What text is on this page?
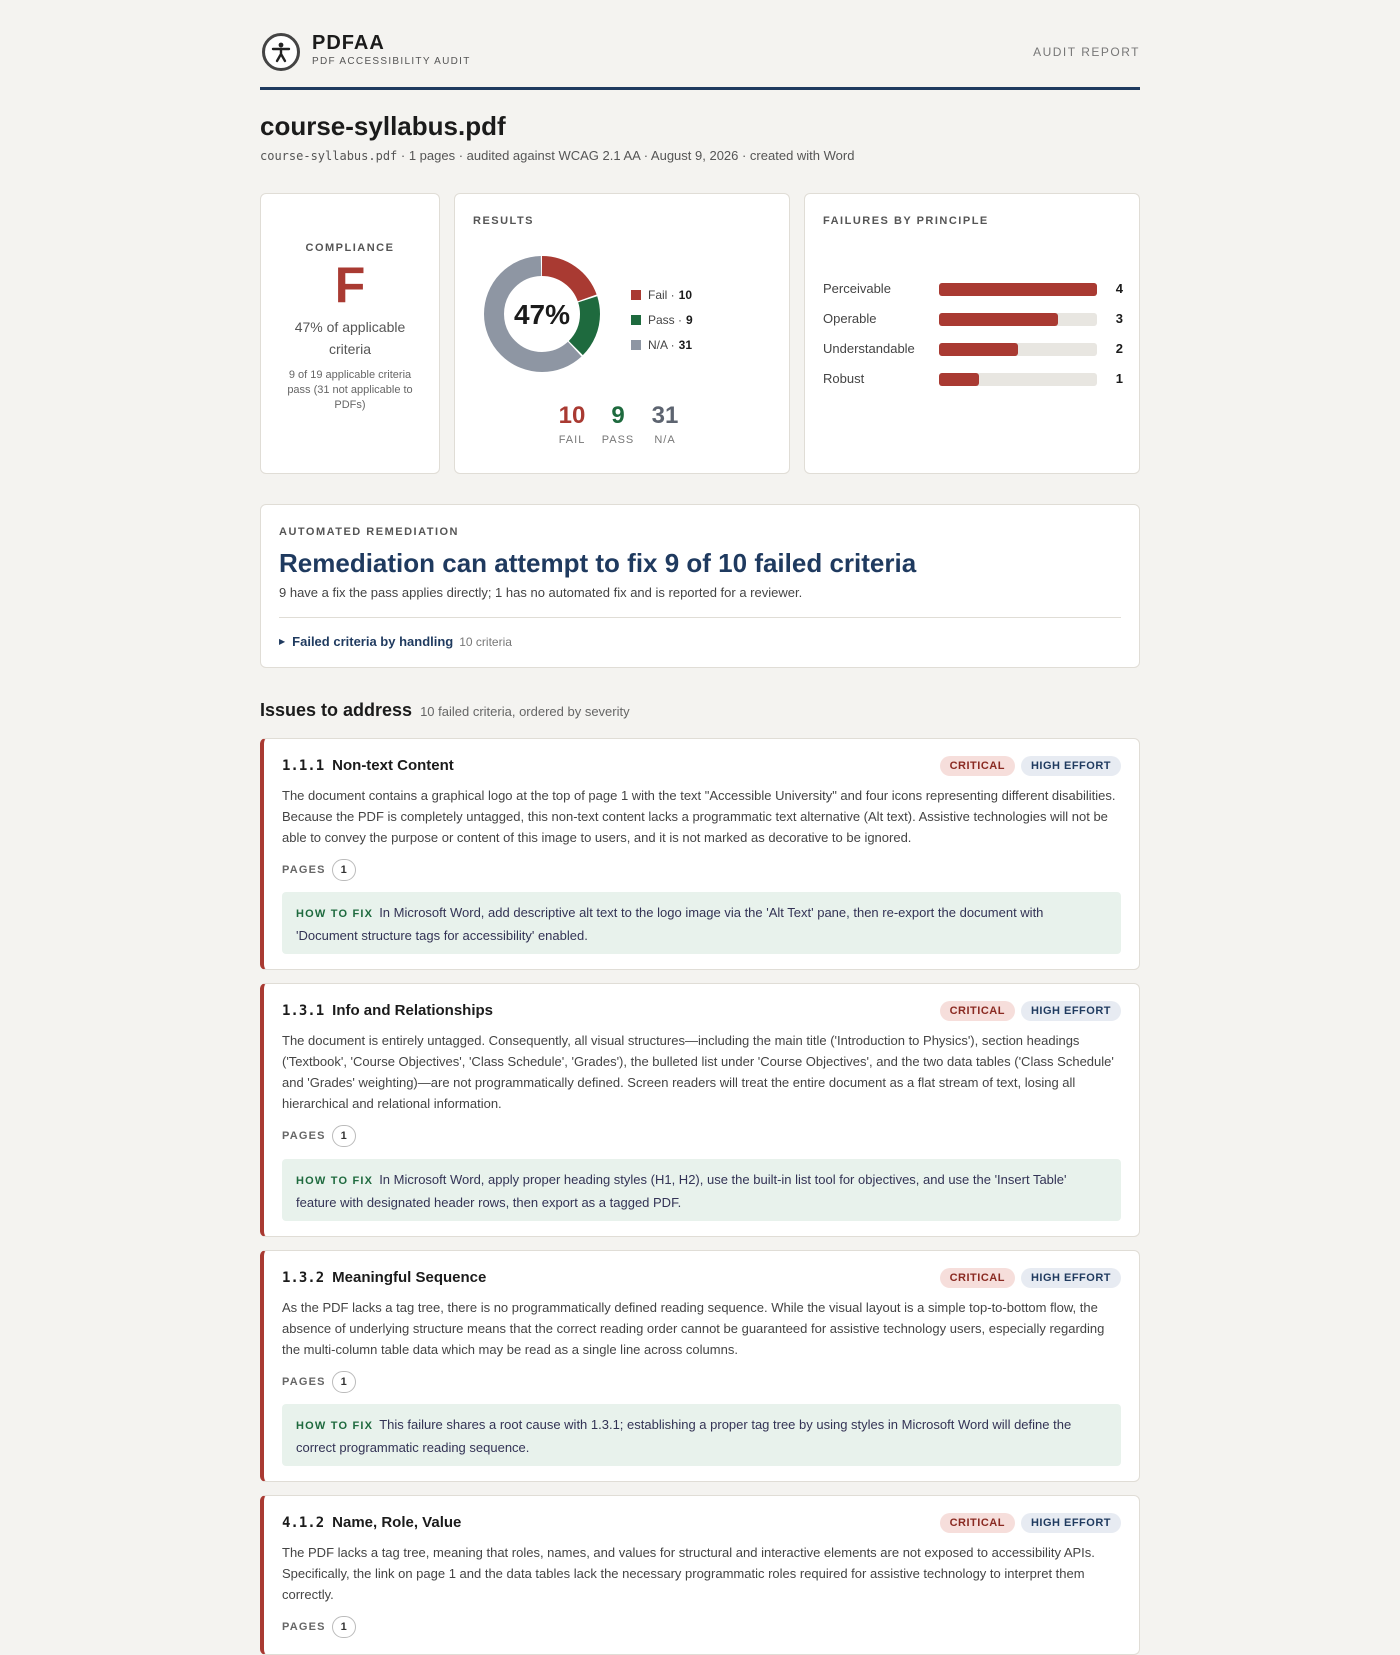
PDFAA
PDF ACCESSIBILITY AUDIT
AUDIT REPORT
course-syllabus.pdf
course-syllabus.pdf · 1 pages · audited against WCAG 2.1 AA · August 9, 2026 · created with Word
COMPLIANCE
F
47% of applicable criteria
9 of 19 applicable criteria pass (31 not applicable to PDFs)
RESULTS
47%
Fail · 10
Pass · 9
N/A · 31
10
FAIL
9
PASS
31
N/A
FAILURES BY PRINCIPLE
Perceivable	4
Operable	3
Understandable	2
Robust	1
AUTOMATED REMEDIATION
Remediation can attempt to fix 9 of 10 failed criteria
9 have a fix the pass applies directly; 1 has no automated fix and is reported for a reviewer.
▶ Failed criteria by handling 10 criteria
Issues to address 10 failed criteria, ordered by severity
1.1.1 Non-text Content	CRITICAL	HIGH EFFORT
The document contains a graphical logo at the top of page 1 with the text "Accessible University" and four icons representing different disabilities. Because the PDF is completely untagged, this non-text content lacks a programmatic text alternative (Alt text). Assistive technologies will not be able to convey the purpose or content of this image to users, and it is not marked as decorative to be ignored.
PAGES	1
HOW TO FIX In Microsoft Word, add descriptive alt text to the logo image via the 'Alt Text' pane, then re-export the document with 'Document structure tags for accessibility' enabled.
1.3.1 Info and Relationships	CRITICAL	HIGH EFFORT
The document is entirely untagged. Consequently, all visual structures—including the main title ('Introduction to Physics'), section headings ('Textbook', 'Course Objectives', 'Class Schedule', 'Grades'), the bulleted list under 'Course Objectives', and the two data tables ('Class Schedule' and 'Grades' weighting)—are not programmatically defined. Screen readers will treat the entire document as a flat stream of text, losing all hierarchical and relational information.
PAGES	1
HOW TO FIX In Microsoft Word, apply proper heading styles (H1, H2), use the built-in list tool for objectives, and use the 'Insert Table' feature with designated header rows, then export as a tagged PDF.
1.3.2 Meaningful Sequence	CRITICAL	HIGH EFFORT
As the PDF lacks a tag tree, there is no programmatically defined reading sequence. While the visual layout is a simple top-to-bottom flow, the absence of underlying structure means that the correct reading order cannot be guaranteed for assistive technology users, especially regarding the multi-column table data which may be read as a single line across columns.
PAGES	1
HOW TO FIX This failure shares a root cause with 1.3.1; establishing a proper tag tree by using styles in Microsoft Word will define the correct programmatic reading sequence.
4.1.2 Name, Role, Value	CRITICAL	HIGH EFFORT
The PDF lacks a tag tree, meaning that roles, names, and values for structural and interactive elements are not exposed to accessibility APIs. Specifically, the link on page 1 and the data tables lack the necessary programmatic roles required for assistive technology to interpret them correctly.
PAGES	1
